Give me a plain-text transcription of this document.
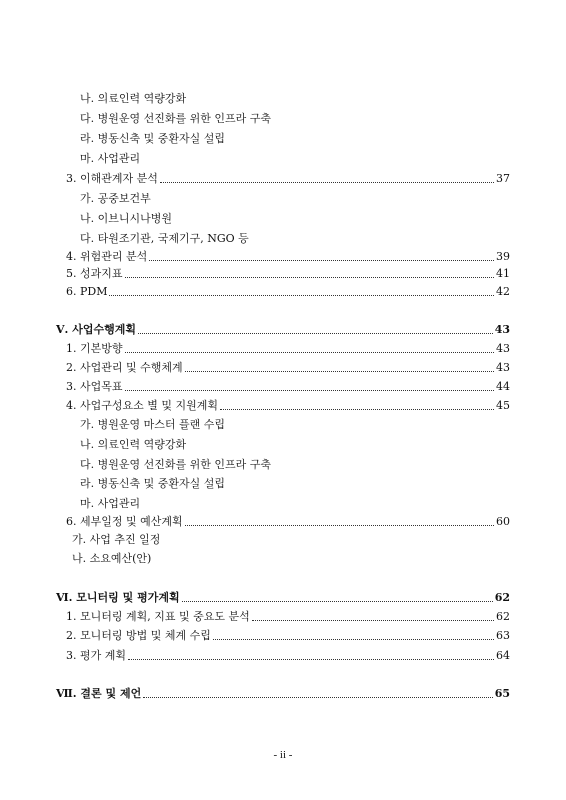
나. 의료인력 역량강화
다. 병원운영 선진화를 위한 인프라 구축
라. 병동신축 및 중환자실 설립
마. 사업관리
3. 이해관계자 분석	37
가. 공중보건부
나. 이브니시나병원
다. 타원조기관, 국제기구, NGO 등
4. 위험관리 분석	39
5. 성과지표	41
6. PDM	42
Ⅴ. 사업수행계획	43
1. 기본방향	43
2. 사업관리 및 수행체계	43
3. 사업목표	44
4. 사업구성요소 별 및 지원계획	45
가. 병원운영 마스터 플랜 수립
나. 의료인력 역량강화
다. 병원운영 선진화를 위한 인프라 구축
라. 병동신축 및 중환자실 설립
마. 사업관리
6. 세부일정 및 예산계획	60
가. 사업 추진 일정
나. 소요예산(안)
Ⅵ. 모니터링 및 평가계획	62
1. 모니터링 계획, 지표 및 중요도 분석	62
2. 모니터링 방법 및 체계 수립	63
3. 평가 계획	64
Ⅶ. 결론 및 제언	65
- ii -
